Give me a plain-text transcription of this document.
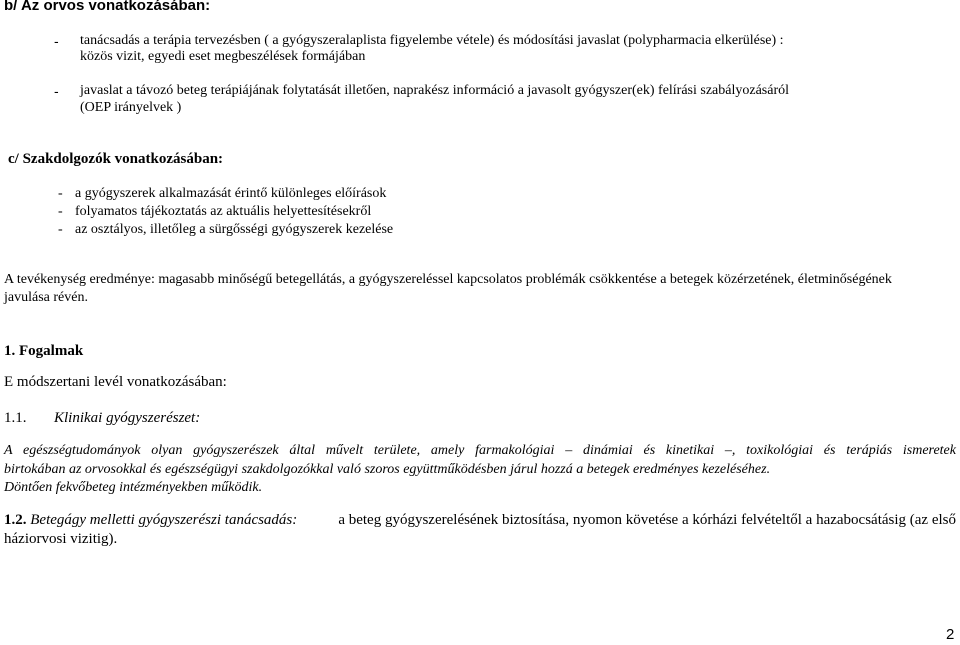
b/ Az orvos vonatkozásában:
- tanácsadás a terápia tervezésben ( a gyógyszeralaplista figyelembe vétele) és módosítási javaslat (polypharmacia elkerülése) :
közös vizit, egyedi eset megbeszélések formájában
- javaslat a távozó beteg terápiájának folytatását illetően, naprakész információ a javasolt gyógyszer(ek) felírási szabályozásáról
(OEP irányelvek )
c/ Szakdolgozók vonatkozásában:
- a gyógyszerek alkalmazását érintő különleges előírások
- folyamatos tájékoztatás az aktuális helyettesítésekről
- az osztályos, illetőleg a sürgősségi gyógyszerek kezelése
A tevékenység eredménye: magasabb minőségű betegellátás, a gyógyszereléssel kapcsolatos problémák csökkentése a betegek közérzetének, életminőségének
javulása révén.
1. Fogalmak
E módszertani levél vonatkozásában:
1.1. Klinikai gyógyszerészet:
A egészségtudományok olyan gyógyszerészek által művelt területe, amely farmakológiai – dinámiai és kinetikai –, toxikológiai és terápiás ismeretek
birtokában az orvosokkal és egészségügyi szakdolgozókkal való szoros együttműködésben járul hozzá a betegek eredményes kezeléséhez.
Döntően fekvőbeteg intézményekben működik.
1.2. Betegágy melletti gyógyszerészi tanácsadás:	a beteg gyógyszerelésének biztosítása, nyomon követése a kórházi felvételtől a hazabocsátásig (az első
háziorvosi vizitig).
2
